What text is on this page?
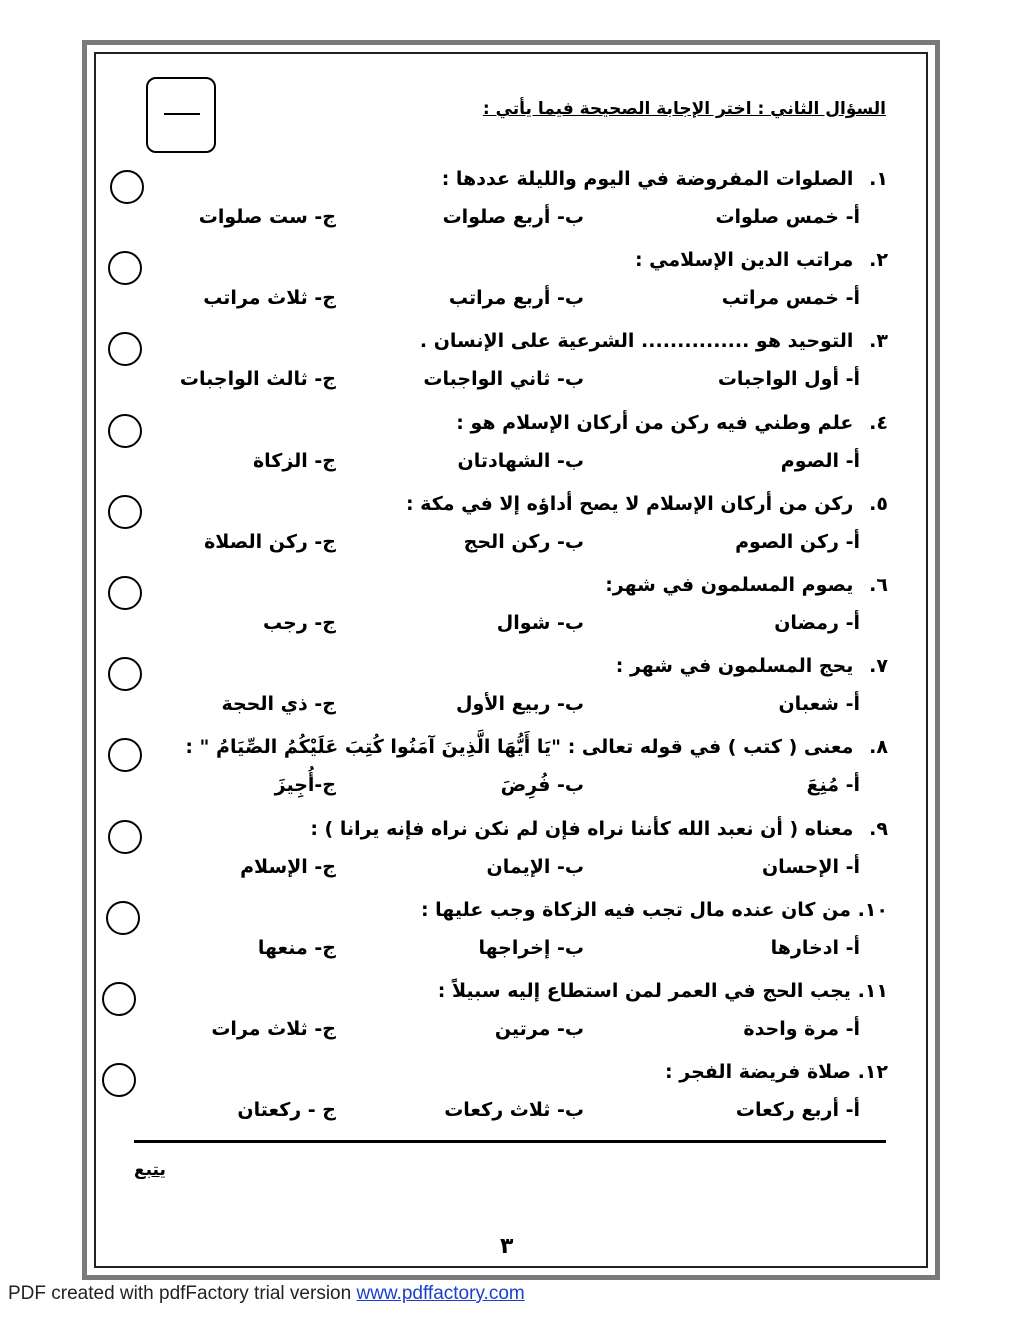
السؤال الثاني : اختر الإجابة الصحيحة فيما يأتي :
١. الصلوات المفروضة في اليوم والليلة عددها :
أ- خمس صلوات
ب- أربع صلوات
ج- ست صلوات
٢. مراتب الدين الإسلامي :
أ- خمس مراتب
ب- أربع مراتب
ج- ثلاث مراتب
٣. التوحيد هو ............... الشرعية على الإنسان .
أ- أول الواجبات
ب- ثاني الواجبات
ج- ثالث الواجبات
٤. علم وطني فيه ركن من أركان الإسلام هو :
أ- الصوم
ب- الشهادتان
ج- الزكاة
٥. ركن من أركان الإسلام لا يصح أداؤه إلا في مكة :
أ- ركن الصوم
ب- ركن الحج
ج- ركن الصلاة
٦. يصوم المسلمون في شهر:
أ- رمضان
ب- شوال
ج- رجب
٧. يحج المسلمون في شهر :
أ- شعبان
ب- ربيع الأول
ج- ذي الحجة
٨. معنى ( كتب ) في قوله تعالى : "يَا أَيُّهَا الَّذِينَ آمَنُوا كُتِبَ عَلَيْكُمُ الصِّيَامُ " :
أ- مُنِعَ
ب- فُرِضَ
ج-أُجِيزَ
٩. معناه ( أن نعبد الله كأننا نراه فإن لم نكن نراه فإنه يرانا ) :
أ- الإحسان
ب- الإيمان
ج- الإسلام
١٠. من كان عنده مال تجب فيه الزكاة وجب عليها :
أ- ادخارها
ب- إخراجها
ج- منعها
١١. يجب الحج في العمر لمن استطاع إليه سبيلاً :
أ- مرة واحدة
ب- مرتين
ج- ثلاث مرات
١٢. صلاة فريضة الفجر :
أ- أربع ركعات
ب- ثلاث ركعات
ج - ركعتان
يتبع
٣
PDF created with pdfFactory trial version www.pdffactory.com
